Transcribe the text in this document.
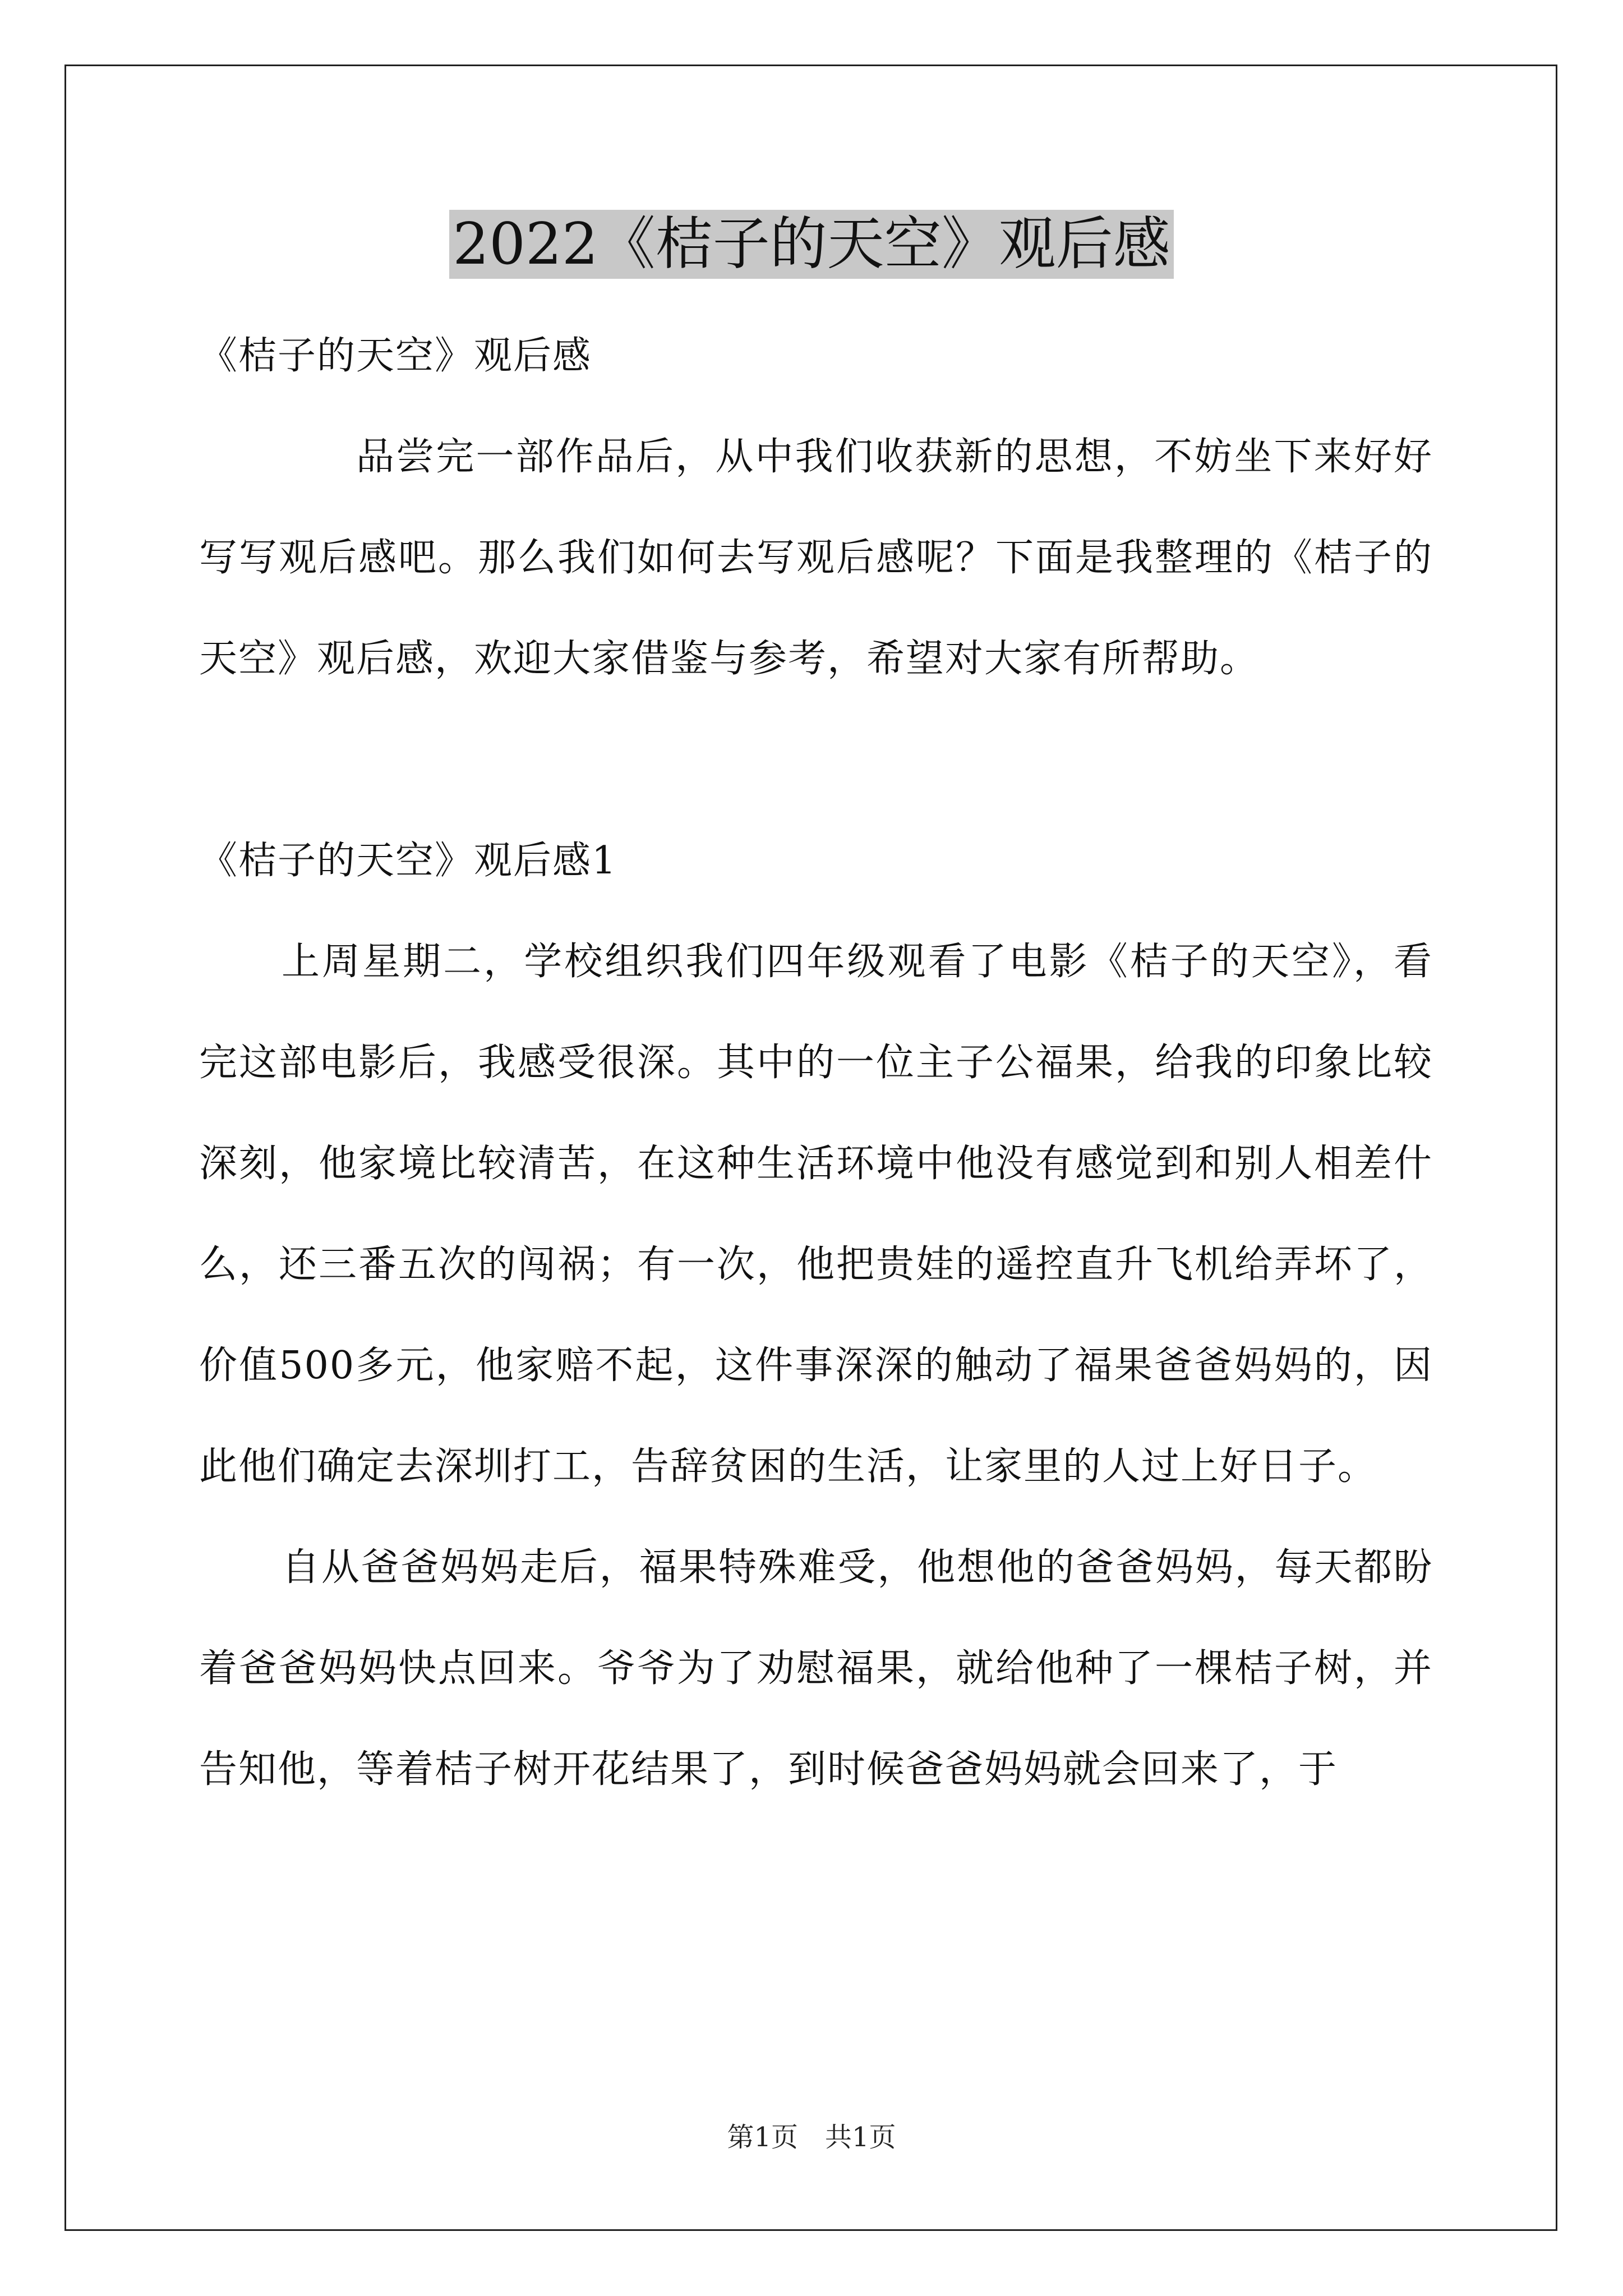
2022《桔子的天空》观后感

《桔子的天空》观后感

品尝完一部作品后，从中我们收获新的思想，不妨坐下来好好写写观后感吧。那么我们如何去写观后感呢？下面是我整理的《桔子的天空》观后感，欢迎大家借鉴与参考，希望对大家有所帮助。

《桔子的天空》观后感1

上周星期二，学校组织我们四年级观看了电影《桔子的天空》，看完这部电影后，我感受很深。其中的一位主子公福果，给我的印象比较深刻，他家境比较清苦，在这种生活环境中他没有感觉到和别人相差什么，还三番五次的闯祸；有一次，他把贵娃的遥控直升飞机给弄坏了，价值500多元，他家赔不起，这件事深深的触动了福果爸爸妈妈的，因此他们确定去深圳打工，告辞贫困的生活，让家里的人过上好日子。

自从爸爸妈妈走后，福果特殊难受，他想他的爸爸妈妈，每天都盼着爸爸妈妈快点回来。爷爷为了劝慰福果，就给他种了一棵桔子树，并告知他，等着桔子树开花结果了，到时候爸爸妈妈就会回来了，于

第1页　共1页
